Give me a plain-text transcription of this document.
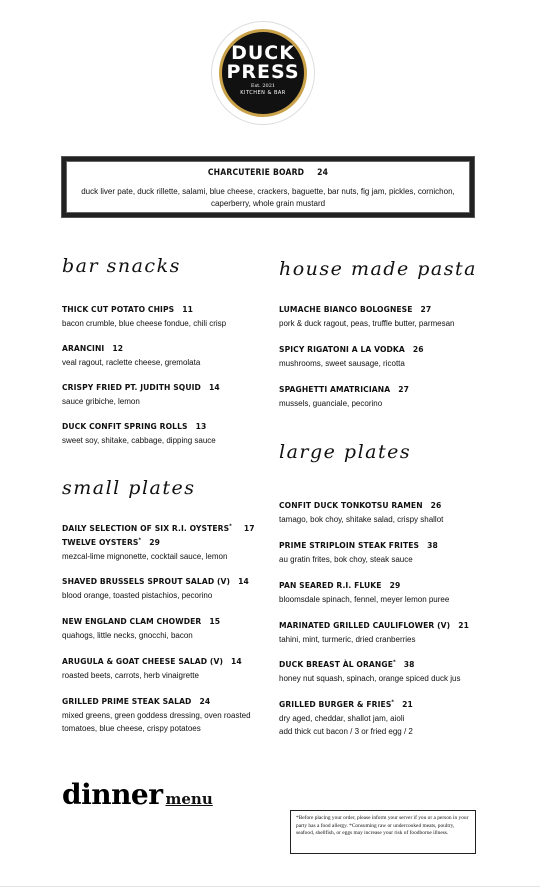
DUCK
PRESS
Est. 2021
KITCHEN & BAR
CHARCUTERIE BOARD 24
duck liver pate, duck rillette, salami, blue cheese, crackers, baguette, bar nuts, fig jam, pickles, cornichon, caperberry, whole grain mustard
bar snacks
THICK CUT POTATO CHIPS 11
bacon crumble, blue cheese fondue, chili crisp
ARANCINI 12
veal ragout, raclette cheese, gremolata
CRISPY FRIED PT. JUDITH SQUID 14
sauce gribiche, lemon
DUCK CONFIT SPRING ROLLS 13
sweet soy, shitake, cabbage, dipping sauce
small plates
DAILY SELECTION OF SIX R.I. OYSTERS* 17
TWELVE OYSTERS* 29
mezcal-lime mignonette, cocktail sauce, lemon
SHAVED BRUSSELS SPROUT SALAD (V) 14
blood orange, toasted pistachios, pecorino
NEW ENGLAND CLAM CHOWDER 15
quahogs, little necks, gnocchi, bacon
ARUGULA & GOAT CHEESE SALAD (V) 14
roasted beets, carrots, herb vinaigrette
GRILLED PRIME STEAK SALAD 24
mixed greens, green goddess dressing, oven roasted
tomatoes, blue cheese, crispy potatoes
house made pasta
LUMACHE BIANCO BOLOGNESE 27
pork & duck ragout, peas, truffle butter, parmesan
SPICY RIGATONI A LA VODKA 26
mushrooms, sweet sausage, ricotta
SPAGHETTI AMATRICIANA 27
mussels, guanciale, pecorino
large plates
CONFIT DUCK TONKOTSU RAMEN 26
tamago, bok choy, shitake salad, crispy shallot
PRIME STRIPLOIN STEAK FRITES 38
au gratin frites, bok choy, steak sauce
PAN SEARED R.I. FLUKE 29
bloomsdale spinach, fennel, meyer lemon puree
MARINATED GRILLED CAULIFLOWER (V) 21
tahini, mint, turmeric, dried cranberries
DUCK BREAST ÀL ORANGE* 38
honey nut squash, spinach, orange spiced duck jus
GRILLED BURGER & FRIES* 21
dry aged, cheddar, shallot jam, aioli
add thick cut bacon / 3 or fried egg / 2
dinner menu
*Before placing your order, please inform your server if you or a person in your party has a food allergy. *Consuming raw or undercooked meats, poultry, seafood, shellfish, or eggs may increase your risk of foodborne illness.
